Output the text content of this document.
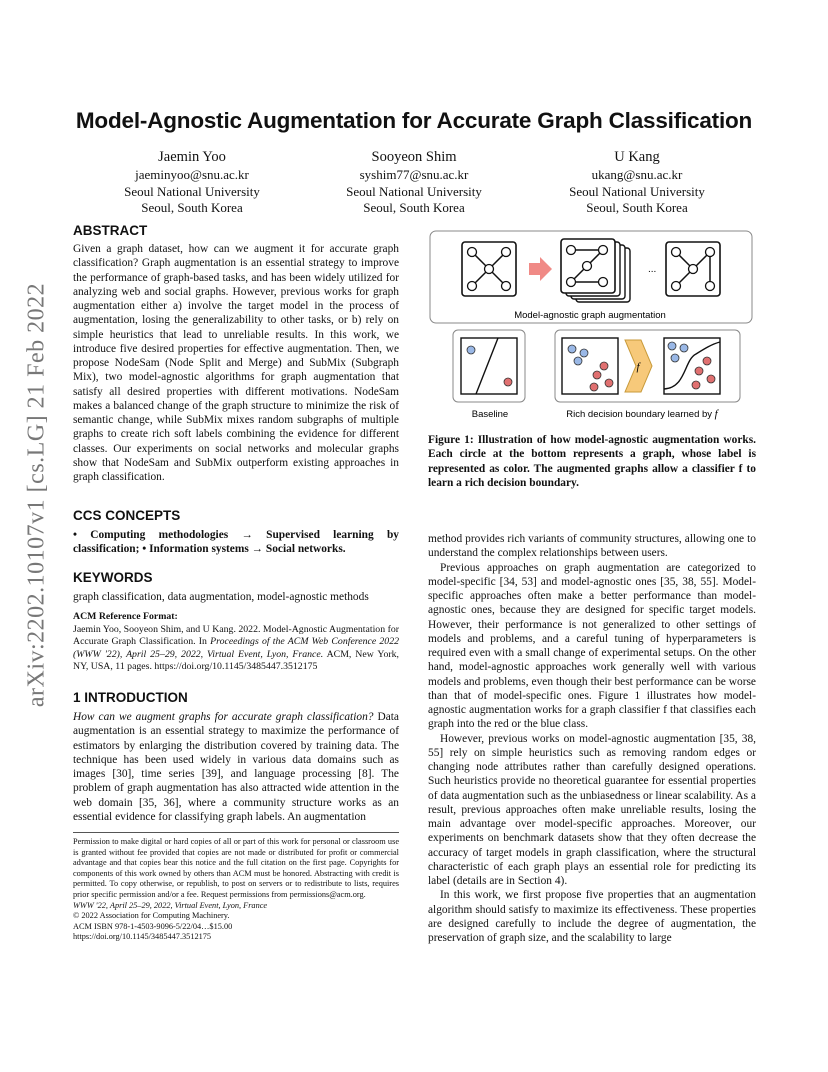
arXiv:2202.10107v1 [cs.LG] 21 Feb 2022
Model-Agnostic Augmentation for Accurate Graph Classification
Jaemin Yoo
jaeminyoo@snu.ac.kr
Seoul National University
Seoul, South Korea
Sooyeon Shim
syshim77@snu.ac.kr
Seoul National University
Seoul, South Korea
U Kang
ukang@snu.ac.kr
Seoul National University
Seoul, South Korea
ABSTRACT

Given a graph dataset, how can we augment it for accurate graph classification? Graph augmentation is an essential strategy to improve the performance of graph-based tasks, and has been widely utilized for analyzing web and social graphs. However, previous works for graph augmentation either a) involve the target model in the process of augmentation, losing the generalizability to other tasks, or b) rely on simple heuristics that lead to unreliable results. In this work, we introduce five desired properties for effective augmentation. Then, we propose NodeSam (Node Split and Merge) and SubMix (Subgraph Mix), two model-agnostic algorithms for graph augmentation that satisfy all desired properties with different motivations. NodeSam makes a balanced change of the graph structure to minimize the risk of semantic change, while SubMix mixes random subgraphs of multiple graphs to create rich soft labels combining the evidence for different classes. Our experiments on social networks and molecular graphs show that NodeSam and SubMix outperform existing approaches in graph classification.

CCS CONCEPTS
• Computing methodologies → Supervised learning by classification; • Information systems → Social networks.
KEYWORDS
graph classification, data augmentation, model-agnostic methods
ACM Reference Format:
Jaemin Yoo, Sooyeon Shim, and U Kang. 2022. Model-Agnostic Augmentation for Accurate Graph Classification. In Proceedings of the ACM Web Conference 2022 (WWW '22), April 25–29, 2022, Virtual Event, Lyon, France. ACM, New York, NY, USA, 11 pages. https://doi.org/10.1145/3485447.3512175
1 INTRODUCTION

How can we augment graphs for accurate graph classification? Data augmentation is an essential strategy to maximize the performance of estimators by enlarging the distribution covered by training data. The technique has been used widely in various data domains such as images [30], time series [39], and language processing [8]. The problem of graph augmentation has also attracted wide attention in the web domain [35, 36], where a community structure works as an essential evidence for classifying graph labels. An augmentation

Permission to make digital or hard copies of all or part of this work for personal or classroom use is granted without fee provided that copies are not made or distributed for profit or commercial advantage and that copies bear this notice and the full citation on the first page. Copyrights for components of this work owned by others than ACM must be honored. Abstracting with credit is permitted. To copy otherwise, or republish, to post on servers or to redistribute to lists, requires prior specific permission and/or a fee. Request permissions from permissions@acm.org.
WWW '22, April 25–29, 2022, Virtual Event, Lyon, France
© 2022 Association for Computing Machinery.
ACM ISBN 978-1-4503-9096-5/22/04…$15.00
https://doi.org/10.1145/3485447.3512175
...
Model-agnostic graph augmentation
Baseline
f
Rich decision boundary learned by f
Figure 1: Illustration of how model-agnostic augmentation works. Each circle at the bottom represents a graph, whose label is represented as color. The augmented graphs allow a classifier f to learn a rich decision boundary.

method provides rich variants of community structures, allowing one to understand the complex relationships between users.

Previous approaches on graph augmentation are categorized to model-specific [34, 53] and model-agnostic ones [35, 38, 55]. Model-specific approaches often make a better performance than model-agnostic ones, because they are designed for specific target models. However, their performance is not generalized to other settings of models and problems, and a careful tuning of hyperparameters is required even with a small change of experimental setups. On the other hand, model-agnostic approaches work generally well with various models and problems, even though their best performance can be worse than that of model-specific ones. Figure 1 illustrates how model-agnostic augmentation works for a graph classifier f that classifies each graph into the red or the blue class.

However, previous works on model-agnostic augmentation [35, 38, 55] rely on simple heuristics such as removing random edges or changing node attributes rather than carefully designed operations. Such heuristics provide no theoretical guarantee for essential properties of data augmentation such as the unbiasedness or linear scalability. As a result, previous approaches often make unreliable results, losing the main advantage over model-specific approaches. Moreover, our experiments on benchmark datasets show that they often decrease the accuracy of target models in graph classification, where the structural characteristic of each graph plays an essential role for predicting its label (details are in Section 4).

In this work, we first propose five properties that an augmentation algorithm should satisfy to maximize its effectiveness. These properties are designed carefully to include the degree of augmentation, the preservation of graph size, and the scalability to large
